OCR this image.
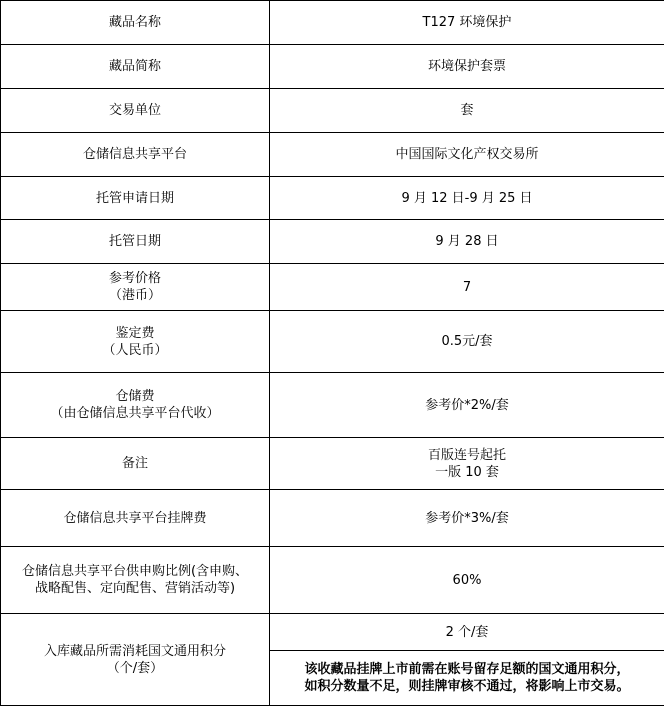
藏品名称	T127 环境保护
藏品简称	环境保护套票
交易单位	套
仓储信息共享平台	中国国际文化产权交易所
托管申请日期	9 月 12 日-9 月 25 日
托管日期	9 月 28 日

参考价格
（港币）	7

鉴定费
（人民币）	0.5元/套

仓储费
（由仓储信息共享平台代收）	参考价*2%/套
备注	百版连号起托
一版 10 套

仓储信息共享平台挂牌费	参考价*3%/套

仓储信息共享平台供申购比例(含申购、
战略配售、定向配售、营销活动等)	60%

入库藏品所需消耗国文通用积分
（个/套）	2 个/套

	该收藏品挂牌上市前需在账号留存足额的国文通用积分，
如积分数量不足，则挂牌审核不通过，将影响上市交易。
